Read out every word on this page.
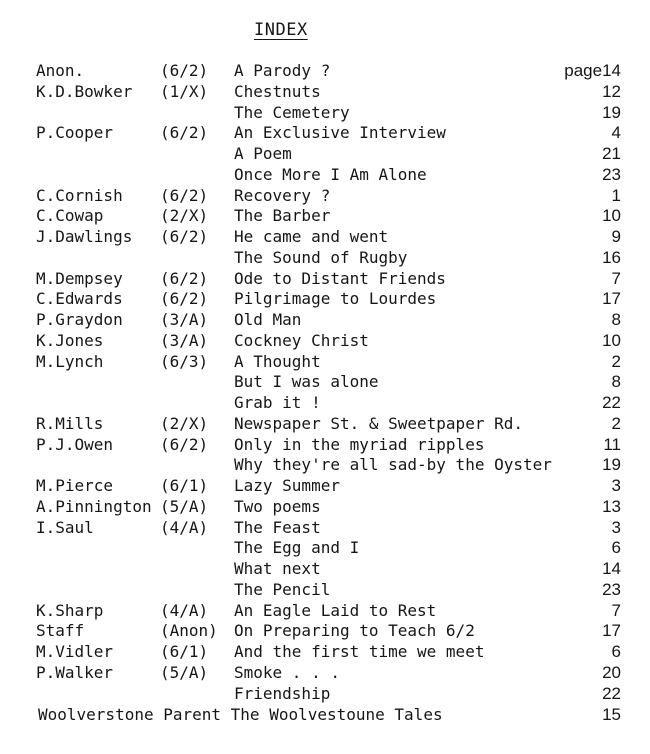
INDEX
Anon.	(6/2) A Parody ?	page14
K.D.Bowker (1/X) Chestnuts	12
The Cemetery	19
P.Cooper	(6/2) An Exclusive Interview	4
A Poem	21
Once More I Am Alone	23
C.Cornish (6/2) Recovery ?	1
C.Cowap	(2/X) The Barber	10
J.Dawlings (6/2) He came and went	9
The Sound of Rugby	16
M.Dempsey (6/2) Ode to Distant Friends	7
C.Edwards (6/2) Pilgrimage to Lourdes	17
P.Graydon (3/A) Old Man	8
K.Jones	(3/A) Cockney Christ	10
M.Lynch	(6/3) A Thought	2
But I was alone	8
Grab it !	22
R.Mills	(2/X) Newspaper St. & Sweetpaper Rd.	2
P.J.Owen	(6/2) Only in the myriad ripples	11
Why they're all sad-by the Oyster	19
M.Pierce	(6/1) Lazy Summer	3
A.Pinnington (5/A) Two poems	13
I.Saul	(4/A) The Feast	3
The Egg and I	6
What next	14
The Pencil	23
K.Sharp	(4/A) An Eagle Laid to Rest	7
Staff	(Anon) On Preparing to Teach 6/2	17
M.Vidler	(6/1) And the first time we meet	6
P.Walker	(5/A) Smoke . . .	20
Friendship	22
Woolverstone Parent The Woolvestoune Tales	15
